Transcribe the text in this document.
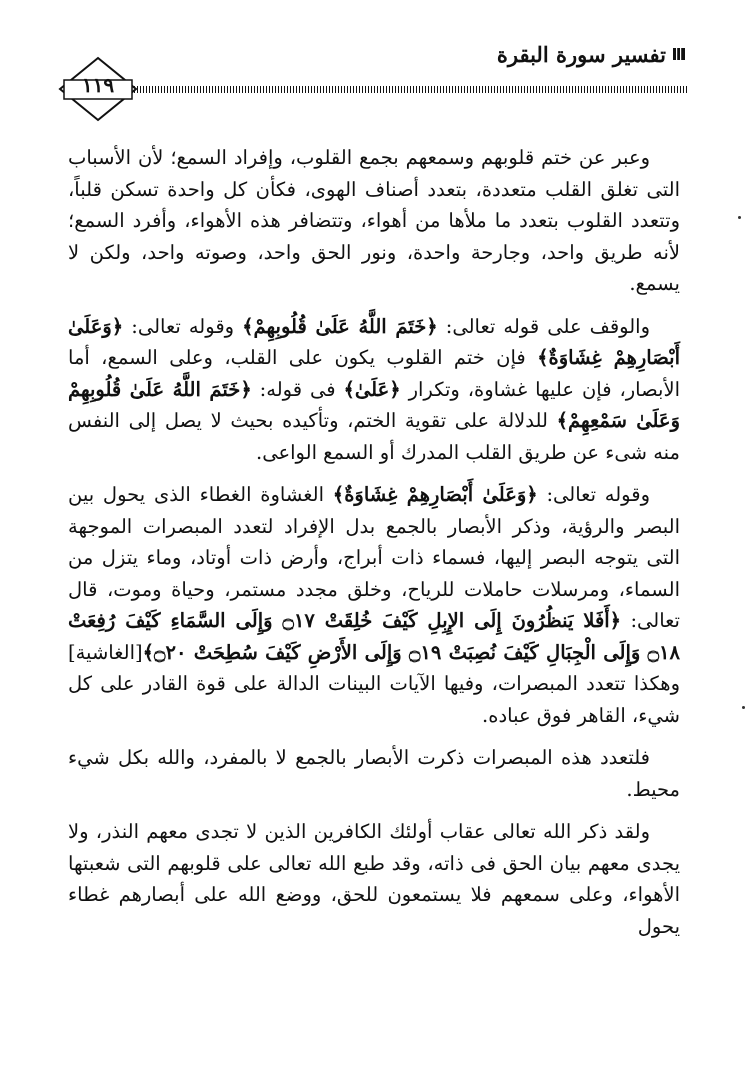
تفسير سورة البقرة
١١٩

وعبر عن ختم قلوبهم وسمعهم بجمع القلوب، وإفراد السمع؛ لأن الأسباب التى تغلق القلب متعددة، بتعدد أصناف الهوى، فكأن كل واحدة تسكن قلباً، وتتعدد القلوب بتعدد ما ملأها من أهواء، وتتضافر هذه الأهواء، وأفرد السمع؛ لأنه طريق واحد، وجارحة واحدة، ونور الحق واحد، وصوته واحد، ولكن لا يسمع.

والوقف على قوله تعالى: ﴿خَتَمَ اللَّهُ عَلَىٰ قُلُوبِهِمْ﴾ وقوله تعالى: ﴿وَعَلَىٰ أَبْصَارِهِمْ غِشَاوَةٌ﴾ فإن ختم القلوب يكون على القلب، وعلى السمع، أما الأبصار، فإن عليها غشاوة، وتكرار ﴿عَلَىٰ﴾ فى قوله: ﴿خَتَمَ اللَّهُ عَلَىٰ قُلُوبِهِمْ وَعَلَىٰ سَمْعِهِمْ﴾ للدلالة على تقوية الختم، وتأكيده بحيث لا يصل إلى النفس منه شىء عن طريق القلب المدرك أو السمع الواعى.

وقوله تعالى: ﴿وَعَلَىٰ أَبْصَارِهِمْ غِشَاوَةٌ﴾ الغشاوة الغطاء الذى يحول بين البصر والرؤية، وذكر الأبصار بالجمع بدل الإفراد لتعدد المبصرات الموجهة التى يتوجه البصر إليها، فسماء ذات أبراج، وأرض ذات أوتاد، وماء يتزل من السماء، ومرسلات حاملات للرياح، وخلق مجدد مستمر، وحياة وموت، قال تعالى: ﴿أَفَلا يَنظُرُونَ إِلَى الإِبِلِ كَيْفَ خُلِقَتْ ۝١٧ وَإِلَى السَّمَاءِ كَيْفَ رُفِعَتْ ۝١٨ وَإِلَى الْجِبَالِ كَيْفَ نُصِبَتْ ۝١٩ وَإِلَى الأَرْضِ كَيْفَ سُطِحَتْ ۝٢٠﴾[الغاشية] وهكذا تتعدد المبصرات، وفيها الآيات البينات الدالة على قوة القادر على كل شيء، القاهر فوق عباده.

فلتعدد هذه المبصرات ذكرت الأبصار بالجمع لا بالمفرد، والله بكل شيء محيط.

ولقد ذكر الله تعالى عقاب أولئك الكافرين الذين لا تجدى معهم النذر، ولا يجدى معهم بيان الحق فى ذاته، وقد طبع الله تعالى على قلوبهم التى شعبتها الأهواء، وعلى سمعهم فلا يستمعون للحق، ووضع الله على أبصارهم غطاء يحول
